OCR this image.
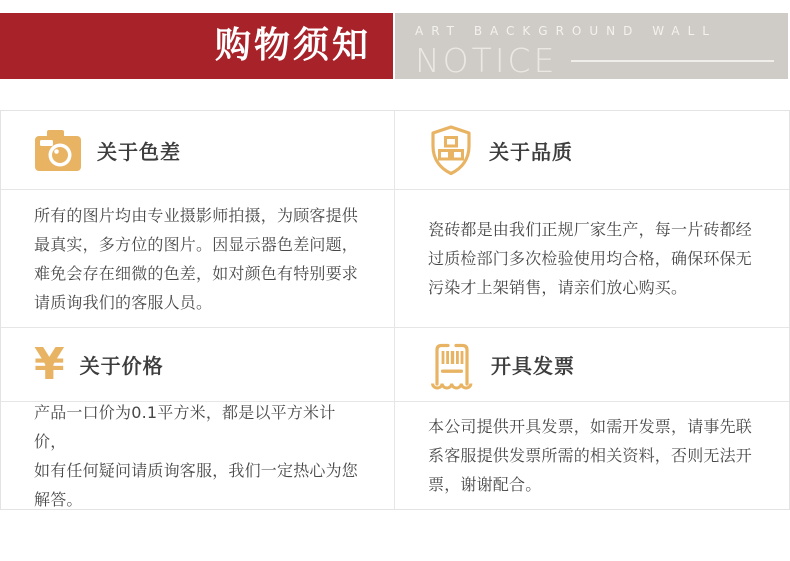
购物须知	ART BACKGROUND WALL
NOTICE
关于色差	关于品质

所有的图片均由专业摄影师拍摄，为顾客提供
最真实，多方位的图片。因显示器色差问题，
难免会存在细微的色差，如对颜色有特别要求
请质询我们的客服人员。

瓷砖都是由我们正规厂家生产，每一片砖都经
过质检部门多次检验使用均合格，确保环保无
污染才上架销售，请亲们放心购买。

¥ 关于价格	开具发票

产品一口价为0.1平方米，都是以平方米计价，
如有任何疑问请质询客服，我们一定热心为您
解答。

本公司提供开具发票，如需开发票，请事先联
系客服提供发票所需的相关资料，否则无法开
票，谢谢配合。
